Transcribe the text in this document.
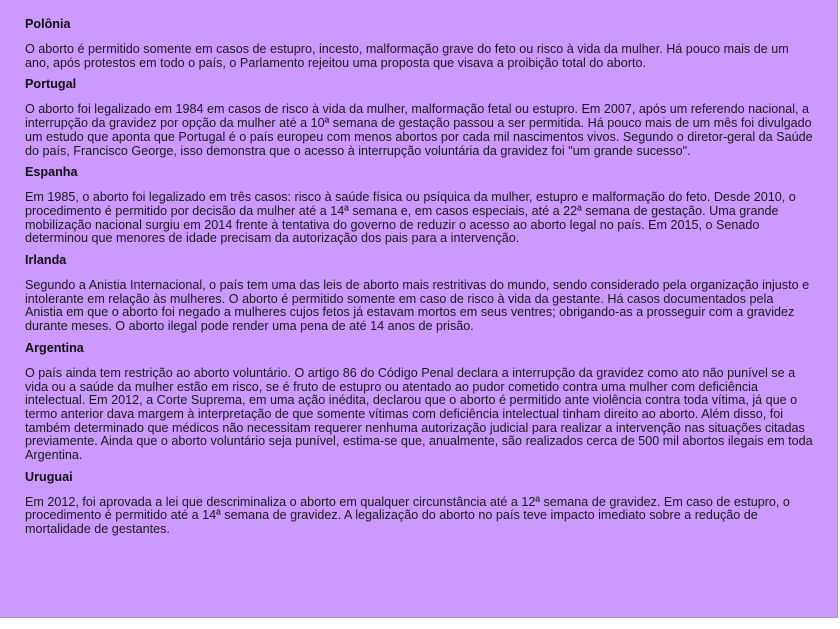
Polônia

O aborto é permitido somente em casos de estupro, incesto, malformação grave do feto ou risco à vida da mulher. Há pouco mais de um ano, após protestos em todo o país, o Parlamento rejeitou uma proposta que visava a proibição total do aborto.

Portugal

O aborto foi legalizado em 1984 em casos de risco à vida da mulher, malformação fetal ou estupro. Em 2007, após um referendo nacional, a interrupção da gravidez por opção da mulher até a 10ª semana de gestação passou a ser permitida. Há pouco mais de um mês foi divulgado um estudo que aponta que Portugal é o país europeu com menos abortos por cada mil nascimentos vivos. Segundo o diretor-geral da Saúde do país, Francisco George, isso demonstra que o acesso à interrupção voluntária da gravidez foi "um grande sucesso".

Espanha

Em 1985, o aborto foi legalizado em três casos: risco à saúde física ou psíquica da mulher, estupro e malformação do feto. Desde 2010, o procedimento é permitido por decisão da mulher até a 14ª semana e, em casos especiais, até a 22ª semana de gestação. Uma grande mobilização nacional surgiu em 2014 frente à tentativa do governo de reduzir o acesso ao aborto legal no país. Em 2015, o Senado determinou que menores de idade precisam da autorização dos pais para a intervenção.

Irlanda

Segundo a Anistia Internacional, o país tem uma das leis de aborto mais restritivas do mundo, sendo considerado pela organização injusto e intolerante em relação às mulheres. O aborto é permitido somente em caso de risco à vida da gestante. Há casos documentados pela Anistia em que o aborto foi negado a mulheres cujos fetos já estavam mortos em seus ventres; obrigando-as a prosseguir com a gravidez durante meses. O aborto ilegal pode render uma pena de até 14 anos de prisão.

Argentina

O país ainda tem restrição ao aborto voluntário. O artigo 86 do Código Penal declara a interrupção da gravidez como ato não punível se a vida ou a saúde da mulher estão em risco, se é fruto de estupro ou atentado ao pudor cometido contra uma mulher com deficiência intelectual. Em 2012, a Corte Suprema, em uma ação inédita, declarou que o aborto é permitido ante violência contra toda vítima, já que o termo anterior dava margem à interpretação de que somente vítimas com deficiência intelectual tinham direito ao aborto. Além disso, foi também determinado que médicos não necessitam requerer nenhuma autorização judicial para realizar a intervenção nas situações citadas previamente. Ainda que o aborto voluntário seja punível, estima-se que, anualmente, são realizados cerca de 500 mil abortos ilegais em toda Argentina.

Uruguai

Em 2012, foi aprovada a lei que descriminaliza o aborto em qualquer circunstância até a 12ª semana de gravidez. Em caso de estupro, o procedimento é permitido até a 14ª semana de gravidez. A legalização do aborto no país teve impacto imediato sobre a redução de mortalidade de gestantes.
